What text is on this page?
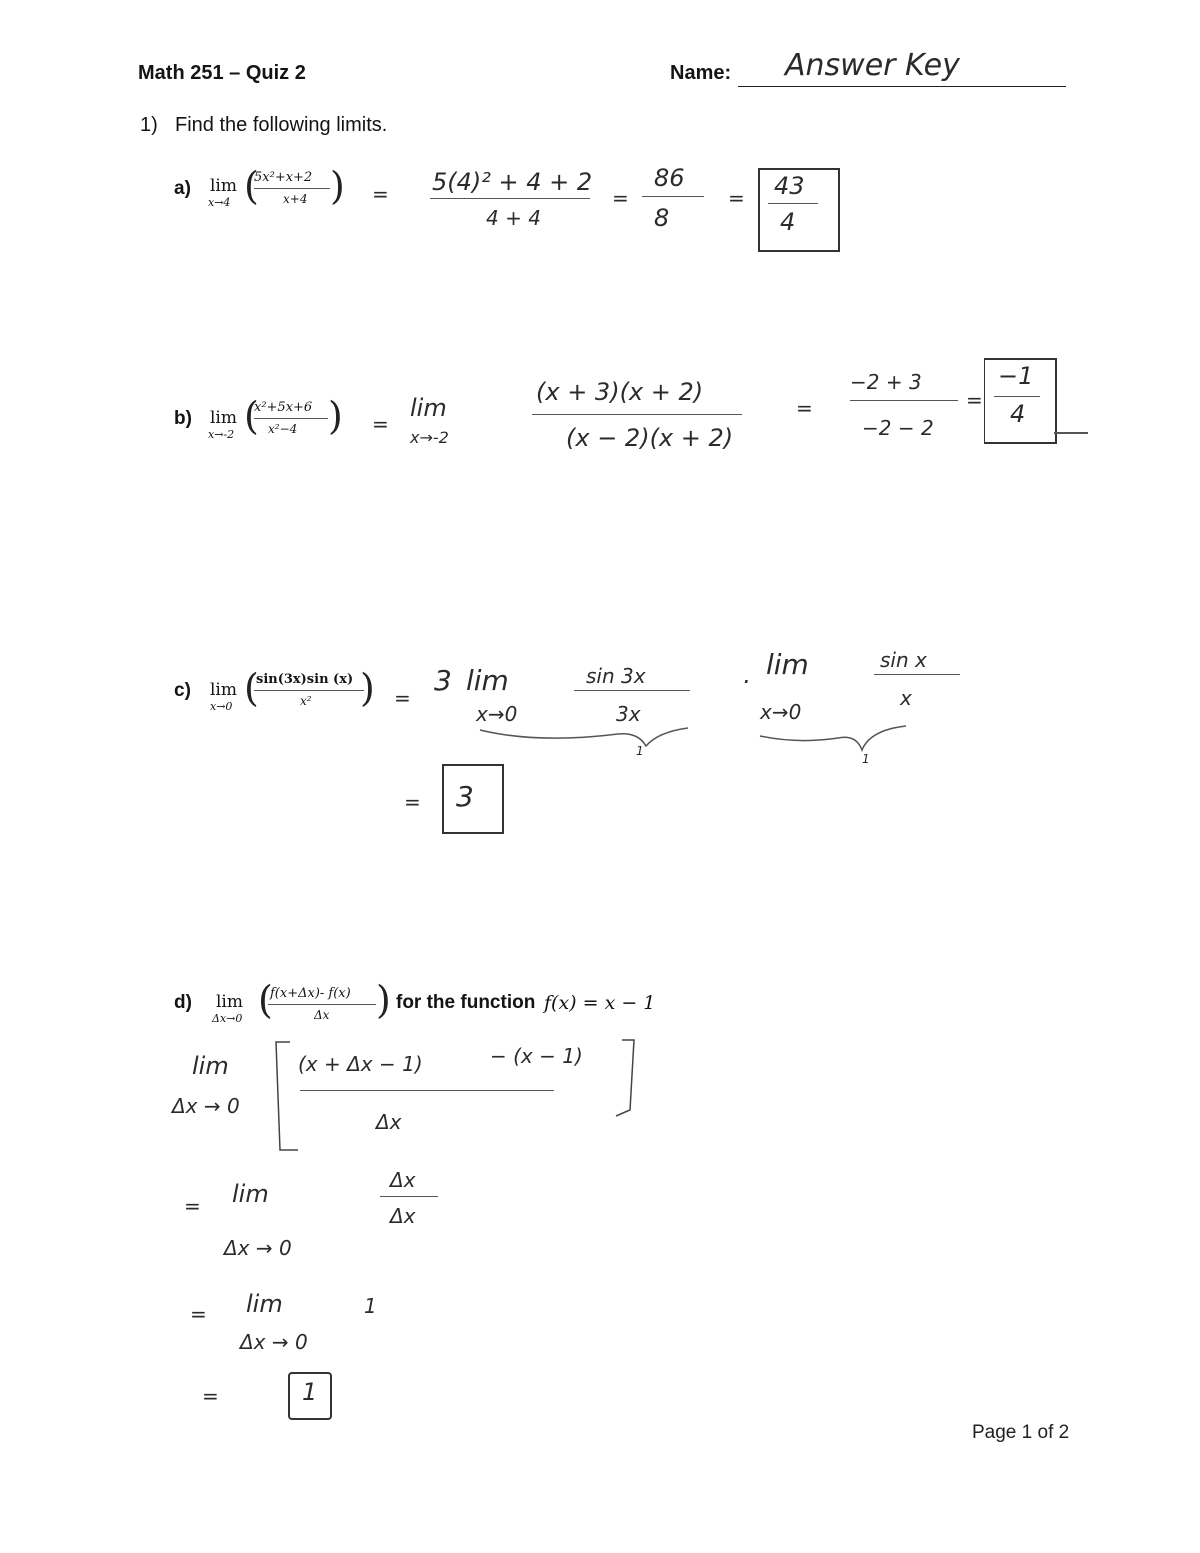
Math 251 – Quiz 2	Name: Answer Key
1) Find the following limits.
a) lim
x→4 (
5x²+x+2
x+4 ) = 5(4)² + 4 + 2
4 + 4
=
86
8
= 43
4
b) lim
x→-2 (
x²+5x+6
x²−4 ) =
lim
x→-2
(x + 3)(x + 2)
(x − 2)(x + 2)
=
−2 + 3
−2 − 2
=
−1
4
c) lim
x→0 (
sin(3x)sin (x)
x² ) =
3 lim
x→0
sin 3x
3x
·
lim
x→0
sin x
x
1
1
= 3
d) lim
Δx→0 (
f(x+Δx)- f(x)
Δx ) for the function f(x) = x − 1
lim
Δx → 0
(x + Δx − 1)	− (x − 1)
Δx
= lim
Δx → 0
Δx
Δx
= lim
Δx → 0
1
=	1
Page 1 of 2
